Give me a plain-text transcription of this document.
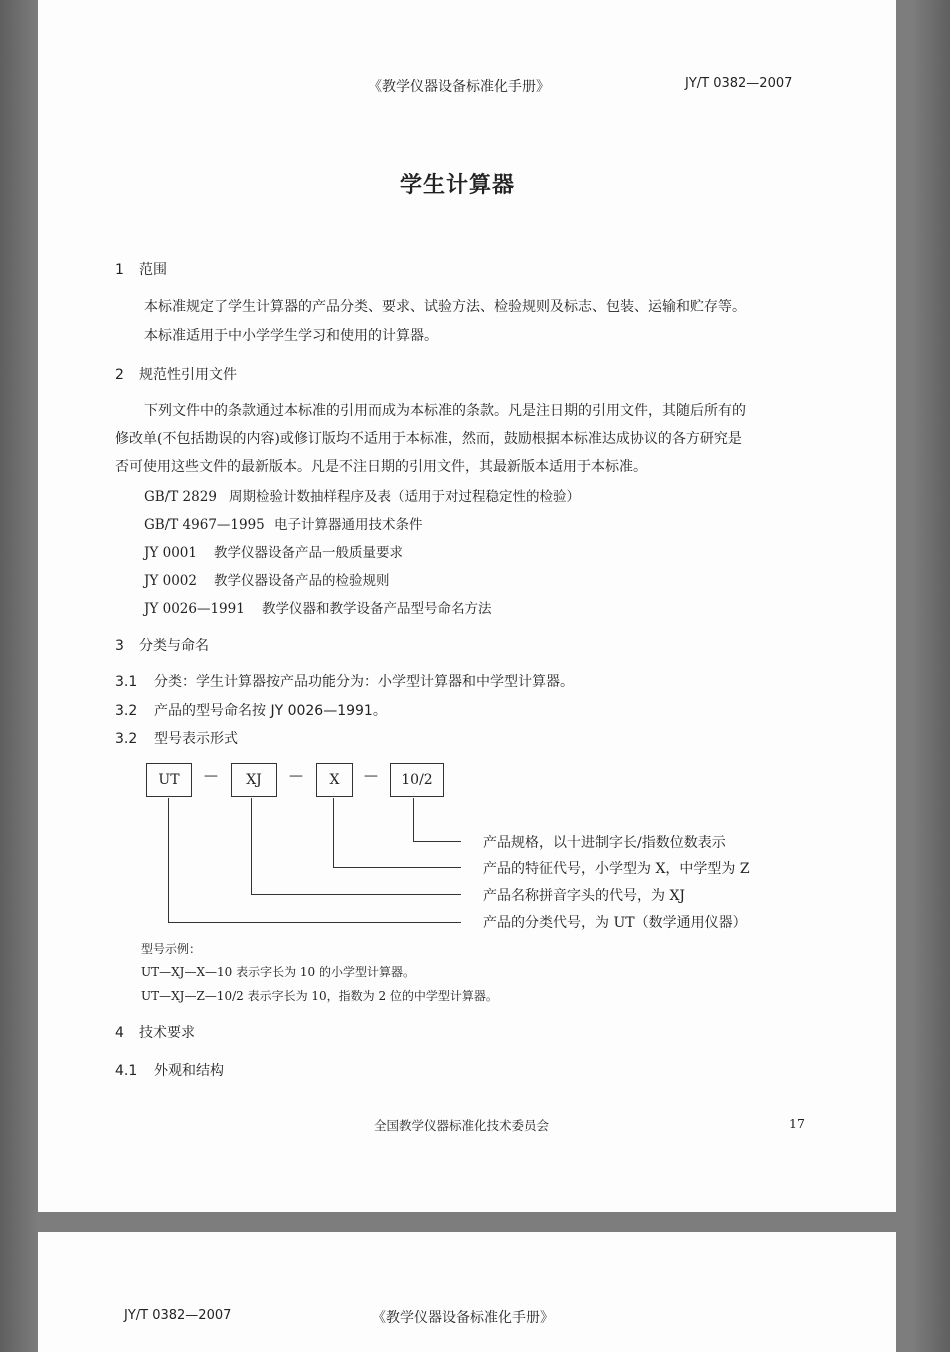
《教学仪器设备标准化手册》	JY/T 0382—2007
学生计算器
1 范围
本标准规定了学生计算器的产品分类、要求、试验方法、检验规则及标志、包装、运输和贮存等。
本标准适用于中小学学生学习和使用的计算器。
2 规范性引用文件
下列文件中的条款通过本标准的引用而成为本标准的条款。凡是注日期的引用文件，其随后所有的
修改单(不包括勘误的内容)或修订版均不适用于本标准，然而，鼓励根据本标准达成协议的各方研究是
否可使用这些文件的最新版本。凡是不注日期的引用文件，其最新版本适用于本标准。
GB/T 2829 周期检验计数抽样程序及表（适用于对过程稳定性的检验）
GB/T 4967—1995 电子计算器通用技术条件
JY 0001 教学仪器设备产品一般质量要求
JY 0002 教学仪器设备产品的检验规则
JY 0026—1991 教学仪器和教学设备产品型号命名方法
3 分类与命名
3.1 分类：学生计算器按产品功能分为：小学型计算器和中学型计算器。
3.2 产品的型号命名按 JY 0026—1991。
3.2 型号表示形式
UT	—	XJ	—	X	—	10/2
产品规格，以十进制字长/指数位数表示
产品的特征代号，小学型为 X，中学型为 Z
产品名称拼音字头的代号，为 XJ
产品的分类代号，为 UT（数学通用仪器）
型号示例：
UT—XJ—X—10 表示字长为 10 的小学型计算器。
UT—XJ—Z—10/2 表示字长为 10，指数为 2 位的中学型计算器。
4 技术要求
4.1 外观和结构
全国教学仪器标准化技术委员会	17
JY/T 0382—2007	《教学仪器设备标准化手册》
